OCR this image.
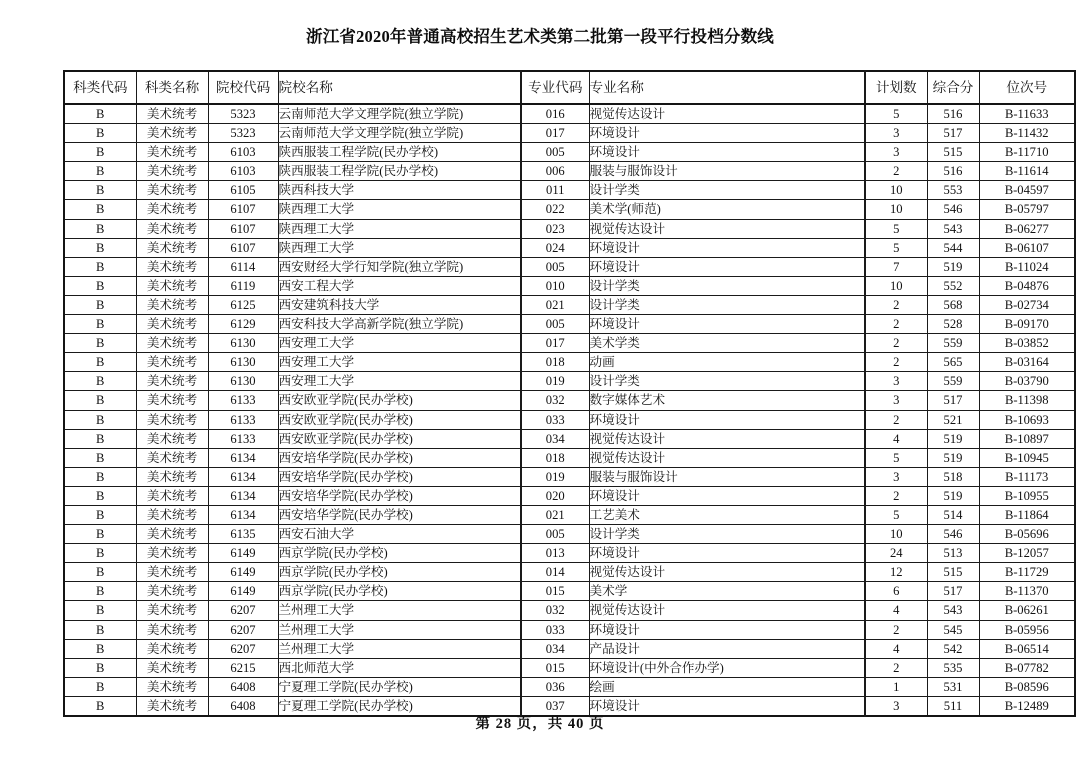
浙江省2020年普通高校招生艺术类第二批第一段平行投档分数线
科类代码	科类名称	院校代码	院校名称	专业代码	专业名称	计划数	综合分	位次号
B	美术统考	5323	云南师范大学文理学院(独立学院)	016	视觉传达设计	5	516	B-11633
B	美术统考	5323	云南师范大学文理学院(独立学院)	017	环境设计	3	517	B-11432
B	美术统考	6103	陕西服装工程学院(民办学校)	005	环境设计	3	515	B-11710
B	美术统考	6103	陕西服装工程学院(民办学校)	006	服装与服饰设计	2	516	B-11614
B	美术统考	6105	陕西科技大学	011	设计学类	10	553	B-04597
B	美术统考	6107	陕西理工大学	022	美术学(师范)	10	546	B-05797
B	美术统考	6107	陕西理工大学	023	视觉传达设计	5	543	B-06277
B	美术统考	6107	陕西理工大学	024	环境设计	5	544	B-06107
B	美术统考	6114	西安财经大学行知学院(独立学院)	005	环境设计	7	519	B-11024
B	美术统考	6119	西安工程大学	010	设计学类	10	552	B-04876
B	美术统考	6125	西安建筑科技大学	021	设计学类	2	568	B-02734
B	美术统考	6129	西安科技大学高新学院(独立学院)	005	环境设计	2	528	B-09170
B	美术统考	6130	西安理工大学	017	美术学类	2	559	B-03852
B	美术统考	6130	西安理工大学	018	动画	2	565	B-03164
B	美术统考	6130	西安理工大学	019	设计学类	3	559	B-03790
B	美术统考	6133	西安欧亚学院(民办学校)	032	数字媒体艺术	3	517	B-11398
B	美术统考	6133	西安欧亚学院(民办学校)	033	环境设计	2	521	B-10693
B	美术统考	6133	西安欧亚学院(民办学校)	034	视觉传达设计	4	519	B-10897
B	美术统考	6134	西安培华学院(民办学校)	018	视觉传达设计	5	519	B-10945
B	美术统考	6134	西安培华学院(民办学校)	019	服装与服饰设计	3	518	B-11173
B	美术统考	6134	西安培华学院(民办学校)	020	环境设计	2	519	B-10955
B	美术统考	6134	西安培华学院(民办学校)	021	工艺美术	5	514	B-11864
B	美术统考	6135	西安石油大学	005	设计学类	10	546	B-05696
B	美术统考	6149	西京学院(民办学校)	013	环境设计	24	513	B-12057
B	美术统考	6149	西京学院(民办学校)	014	视觉传达设计	12	515	B-11729
B	美术统考	6149	西京学院(民办学校)	015	美术学	6	517	B-11370
B	美术统考	6207	兰州理工大学	032	视觉传达设计	4	543	B-06261
B	美术统考	6207	兰州理工大学	033	环境设计	2	545	B-05956
B	美术统考	6207	兰州理工大学	034	产品设计	4	542	B-06514
B	美术统考	6215	西北师范大学	015	环境设计(中外合作办学)	2	535	B-07782
B	美术统考	6408	宁夏理工学院(民办学校)	036	绘画	1	531	B-08596
B	美术统考	6408	宁夏理工学院(民办学校)	037	环境设计	3	511	B-12489
第 28 页，共 40 页
